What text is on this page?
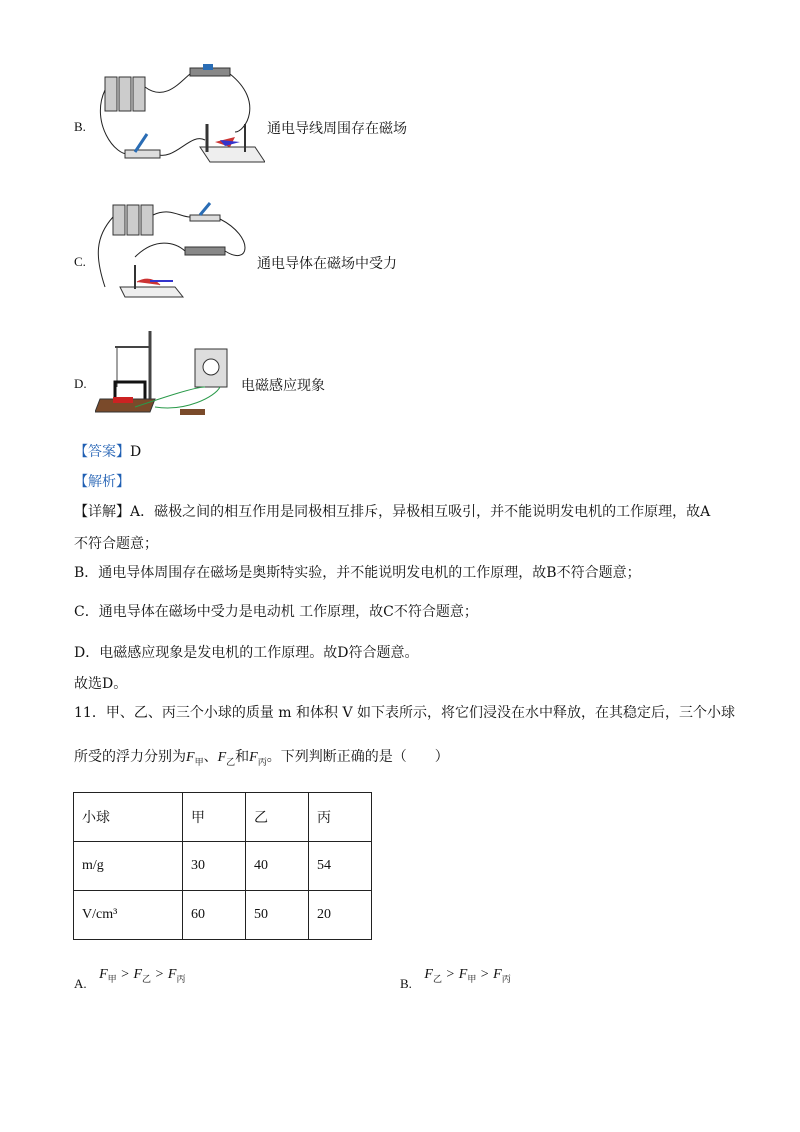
B.	通电导线周围存在磁场
C.	通电导体在磁场中受力
D.	电磁感应现象
【答案】D
【解析】
【详解】A．磁极之间的相互作用是同极相互排斥，异极相互吸引，并不能说明发电机的工作原理，故A
不符合题意；
B．通电导体周围存在磁场是奥斯特实验，并不能说明发电机的工作原理，故B不符合题意；
C．通电导体在磁场中受力是电动机 工作原理，故C不符合题意；
D．电磁感应现象是发电机的工作原理。故D符合题意。
故选D。
11．甲、乙、丙三个小球的质量 m 和体积 V 如下表所示，将它们浸没在水中释放，在其稳定后，三个小球
所受的浮力分别为$F_甲$、$F_乙$和$F_丙$。下列判断正确的是（　　）
小球	甲	乙	丙
m/g	30	40	54
V/cm³	60	50	20
A. $F_甲 > F_乙 > F_丙$	B. $F_乙 > F_甲 > F_丙$
